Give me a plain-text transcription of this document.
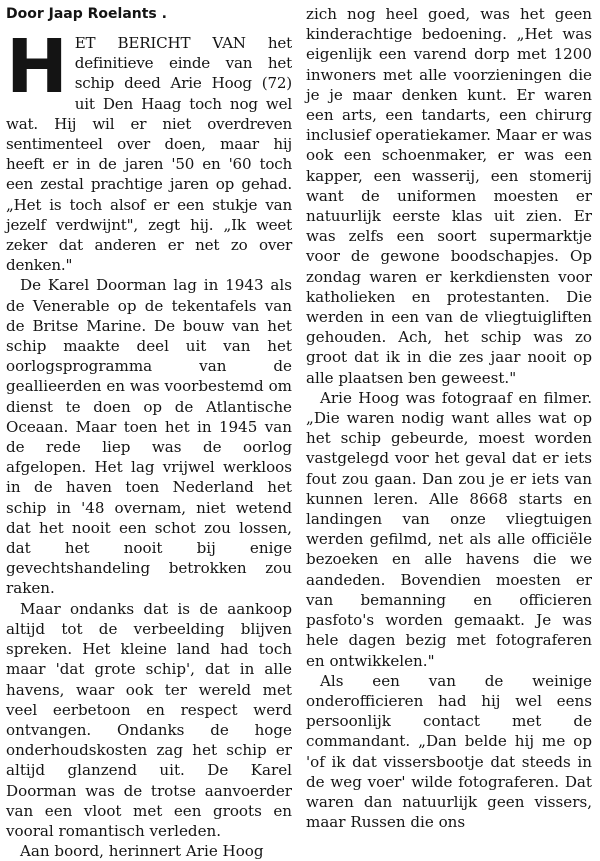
Door Jaap Roelants .

HET BERICHT VAN het definitieve einde van het schip deed Arie Hoog (72) uit Den Haag toch nog wel wat. Hij wil er niet overdreven sentimenteel over doen, maar hij heeft er in de jaren '50 en '60 toch een zestal prachtige jaren op gehad. „Het is toch alsof er een stukje van jezelf verdwijnt", zegt hij. „Ik weet zeker dat anderen er net zo over denken."

De Karel Doorman lag in 1943 als de Venerable op de tekentafels van de Britse Marine. De bouw van het schip maakte deel uit van het oorlogsprogramma van de geallieerden en was voorbestemd om dienst te doen op de Atlantische Oceaan. Maar toen het in 1945 van de rede liep was de oorlog afgelopen. Het lag vrijwel werkloos in de haven toen Nederland het schip in '48 overnam, niet wetend dat het nooit een schot zou lossen, dat het nooit bij enige gevechtshandeling betrokken zou raken.

Maar ondanks dat is de aankoop altijd tot de verbeelding blijven spreken. Het kleine land had toch maar 'dat grote schip', dat in alle havens, waar ook ter wereld met veel eerbetoon en respect werd ontvangen. Ondanks de hoge onderhoudskosten zag het schip er altijd glanzend uit. De Karel Doorman was de trotse aanvoerder van een vloot met een groots en vooral romantisch verleden.

Aan boord, herinnert Arie Hoog

zich nog heel goed, was het geen kinderachtige bedoening. „Het was eigenlijk een varend dorp met 1200 inwoners met alle voorzieningen die je je maar denken kunt. Er waren een arts, een tandarts, een chirurg inclusief operatiekamer. Maar er was ook een schoenmaker, er was een kapper, een wasserij, een stomerij want de uniformen moesten er natuurlijk eerste klas uit zien. Er was zelfs een soort supermarktje voor de gewone boodschapjes. Op zondag waren er kerkdiensten voor katholieken en protestanten. Die werden in een van de vliegtuigliften gehouden. Ach, het schip was zo groot dat ik in die zes jaar nooit op alle plaatsen ben geweest."

Arie Hoog was fotograaf en filmer. „Die waren nodig want alles wat op het schip gebeurde, moest worden vastgelegd voor het geval dat er iets fout zou gaan. Dan zou je er iets van kunnen leren. Alle 8668 starts en landingen van onze vliegtuigen werden gefilmd, net als alle officiële bezoeken en alle havens die we aandeden. Bovendien moesten er van bemanning en officieren pasfoto's worden gemaakt. Je was hele dagen bezig met fotograferen en ontwikkelen."

Als een van de weinige onderofficieren had hij wel eens persoonlijk contact met de commandant. „Dan belde hij me op 'of ik dat vissersbootje dat steeds in de weg voer' wilde fotograferen. Dat waren dan natuurlijk geen vissers, maar Russen die ons
